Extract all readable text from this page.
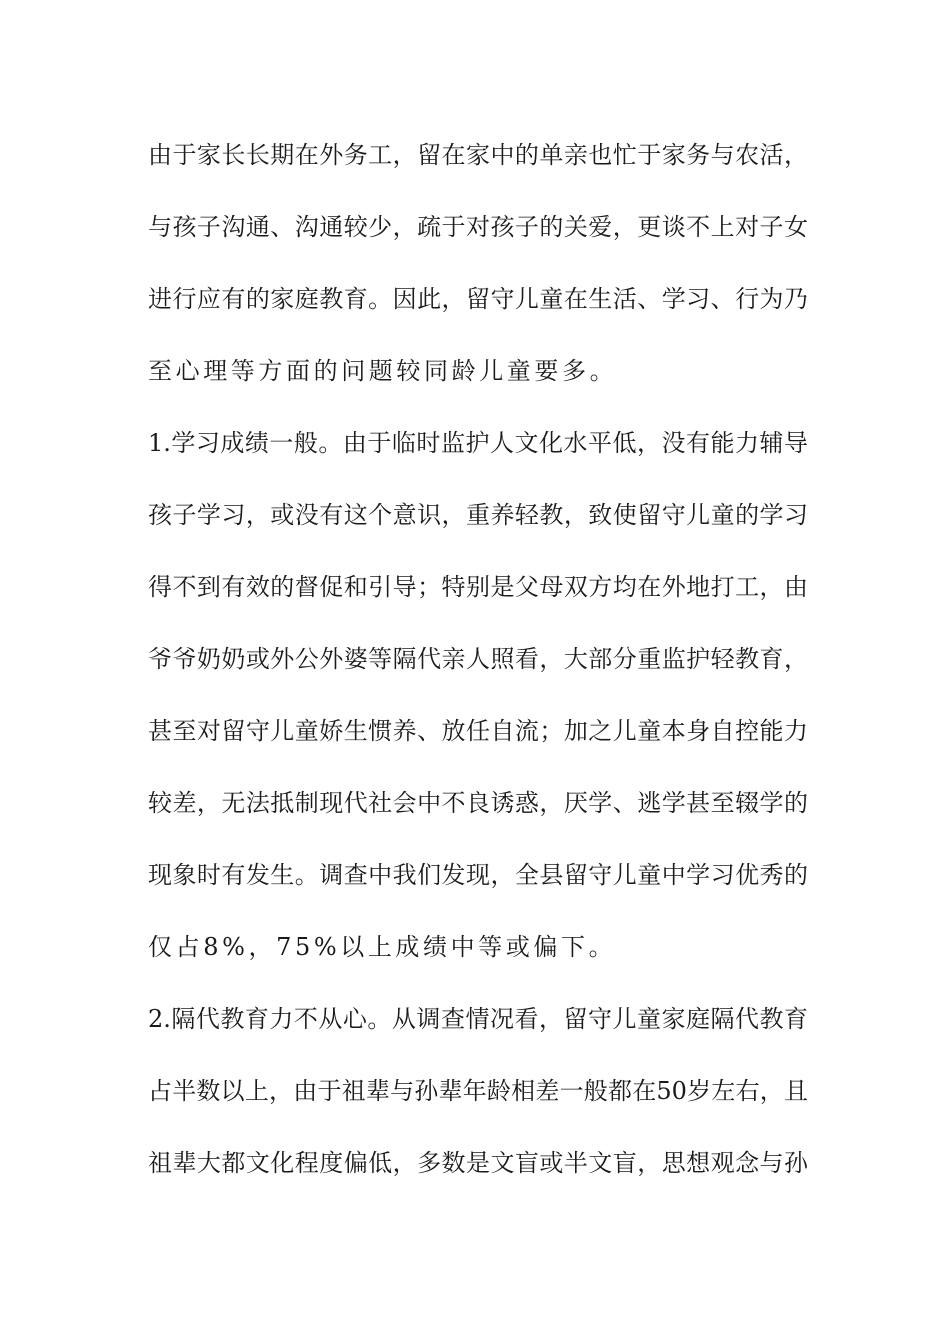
由于家长长期在外务工，留在家中的单亲也忙于家务与农活，
与孩子沟通、沟通较少，疏于对孩子的关爱，更谈不上对子女
进行应有的家庭教育。因此，留守儿童在生活、学习、行为乃
至心理等方面的问题较同龄儿童要多。
1.学习成绩一般。由于临时监护人文化水平低，没有能力辅导
孩子学习，或没有这个意识，重养轻教，致使留守儿童的学习
得不到有效的督促和引导；特别是父母双方均在外地打工，由
爷爷奶奶或外公外婆等隔代亲人照看，大部分重监护轻教育，
甚至对留守儿童娇生惯养、放任自流；加之儿童本身自控能力
较差，无法抵制现代社会中不良诱惑，厌学、逃学甚至辍学的
现象时有发生。调查中我们发现，全县留守儿童中学习优秀的
仅占8%，75%以上成绩中等或偏下。
2.隔代教育力不从心。从调查情况看，留守儿童家庭隔代教育
占半数以上，由于祖辈与孙辈年龄相差一般都在50岁左右，且
祖辈大都文化程度偏低，多数是文盲或半文盲，思想观念与孙
